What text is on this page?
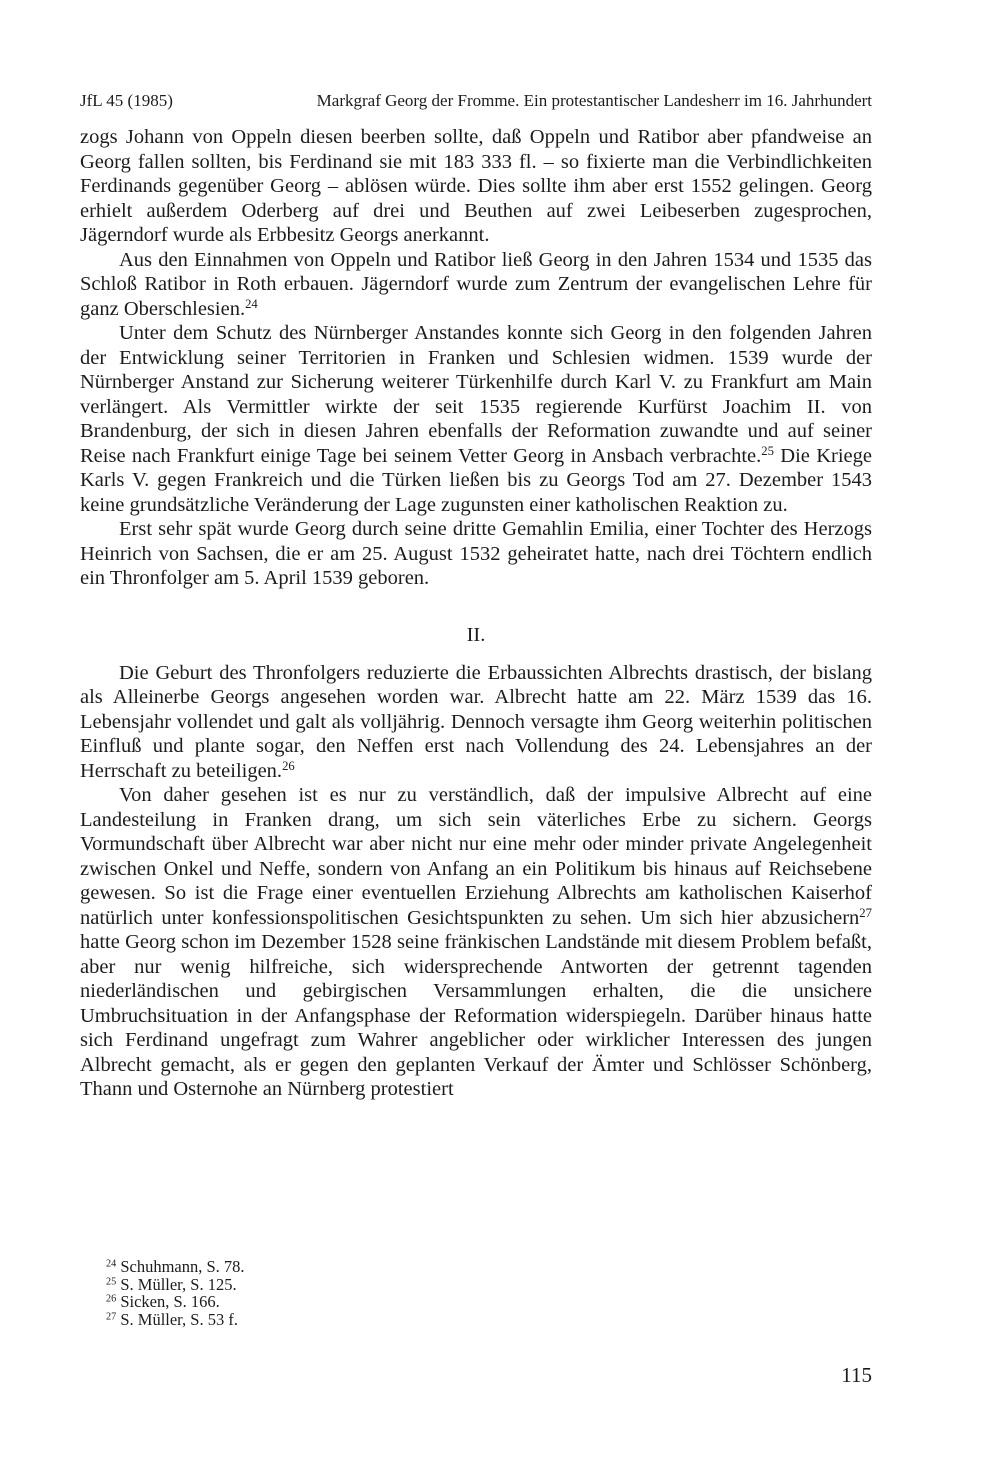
JfL 45 (1985)	Markgraf Georg der Fromme. Ein protestantischer Landesherr im 16. Jahrhundert

zogs Johann von Oppeln diesen beerben sollte, daß Oppeln und Ratibor aber pfandweise an Georg fallen sollten, bis Ferdinand sie mit 183 333 fl. – so fixierte man die Verbindlichkeiten Ferdinands gegenüber Georg – ablösen würde. Dies sollte ihm aber erst 1552 gelingen. Georg erhielt außerdem Oderberg auf drei und Beuthen auf zwei Leibeserben zugesprochen, Jägerndorf wurde als Erbbesitz Georgs anerkannt.

Aus den Einnahmen von Oppeln und Ratibor ließ Georg in den Jahren 1534 und 1535 das Schloß Ratibor in Roth erbauen. Jägerndorf wurde zum Zentrum der evangelischen Lehre für ganz Oberschlesien.$^{24}$

Unter dem Schutz des Nürnberger Anstandes konnte sich Georg in den folgenden Jahren der Entwicklung seiner Territorien in Franken und Schlesien widmen. 1539 wurde der Nürnberger Anstand zur Sicherung weiterer Türkenhilfe durch Karl V. zu Frankfurt am Main verlängert. Als Vermittler wirkte der seit 1535 regierende Kurfürst Joachim II. von Brandenburg, der sich in diesen Jahren ebenfalls der Reformation zuwandte und auf seiner Reise nach Frankfurt einige Tage bei seinem Vetter Georg in Ansbach verbrachte.$^{25}$ Die Kriege Karls V. gegen Frankreich und die Türken ließen bis zu Georgs Tod am 27. Dezember 1543 keine grundsätzliche Veränderung der Lage zugunsten einer katholischen Reaktion zu.

Erst sehr spät wurde Georg durch seine dritte Gemahlin Emilia, einer Tochter des Herzogs Heinrich von Sachsen, die er am 25. August 1532 geheiratet hatte, nach drei Töchtern endlich ein Thronfolger am 5. April 1539 geboren.

II.

Die Geburt des Thronfolgers reduzierte die Erbaussichten Albrechts drastisch, der bislang als Alleinerbe Georgs angesehen worden war. Albrecht hatte am 22. März 1539 das 16. Lebensjahr vollendet und galt als volljährig. Dennoch versagte ihm Georg weiterhin politischen Einfluß und plante sogar, den Neffen erst nach Vollendung des 24. Lebensjahres an der Herrschaft zu beteiligen.$^{26}$

Von daher gesehen ist es nur zu verständlich, daß der impulsive Albrecht auf eine Landesteilung in Franken drang, um sich sein väterliches Erbe zu sichern. Georgs Vormundschaft über Albrecht war aber nicht nur eine mehr oder minder private Angelegenheit zwischen Onkel und Neffe, sondern von Anfang an ein Politikum bis hinaus auf Reichsebene gewesen. So ist die Frage einer eventuellen Erziehung Albrechts am katholischen Kaiserhof natürlich unter konfessionspolitischen Gesichtspunkten zu sehen. Um sich hier abzusichern$^{27}$ hatte Georg schon im Dezember 1528 seine fränkischen Landstände mit diesem Problem befaßt, aber nur wenig hilfreiche, sich widersprechende Antworten der getrennt tagenden niederländischen und gebirgischen Versammlungen erhalten, die die unsichere Umbruchsituation in der Anfangsphase der Reformation widerspiegeln. Darüber hinaus hatte sich Ferdinand ungefragt zum Wahrer angeblicher oder wirklicher Interessen des jungen Albrecht gemacht, als er gegen den geplanten Verkauf der Ämter und Schlösser Schönberg, Thann und Osternohe an Nürnberg protestiert

$^{24}$ Schuhmann, S. 78.
$^{25}$ S. Müller, S. 125.
$^{26}$ Sicken, S. 166.
$^{27}$ S. Müller, S. 53 f.
115
